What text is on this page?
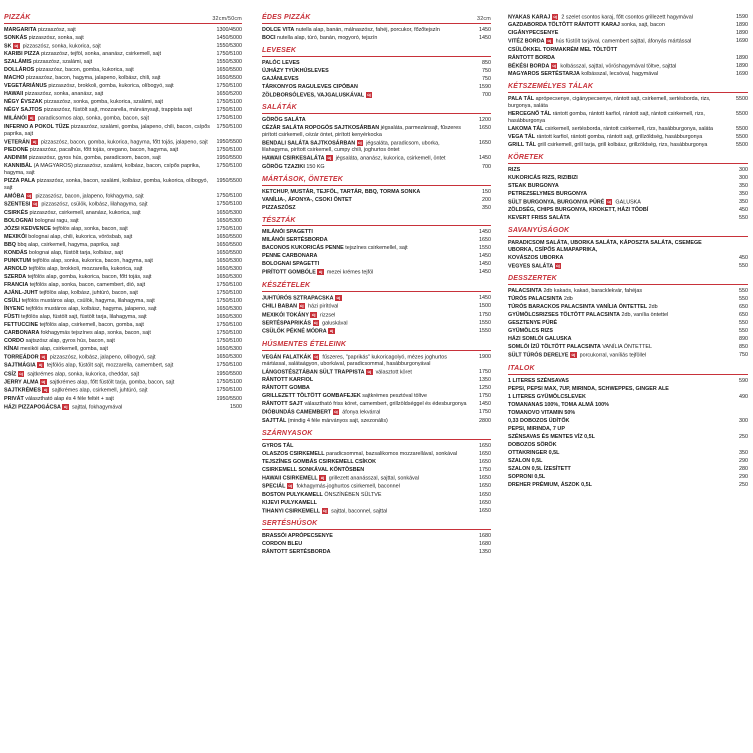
PIZZÁK	32cm/50cm
MARGARITA pizzaszósz, sajt	1300/4500
SONKÁS pizzaszósz, sonka, sajt	1450/5000
SK új pizzaszósz, sonka, kukorica, sajt	1550/5300
KARIBI PIZZA pizzaszósz, tejföl, sonka, ananász, csirkemell, sajt	1750/5100
SZALÁMIS pizzaszósz, szalámi, sajt	1550/5300
DOLLÁROS pizzaszósz, bacon, gomba, kukorica, sajt	1650/5500
MACHO pizzaszósz, bacon, hagyma, jalapeno, kolbász, chili, sajt	1650/5500
VEGETÁRIÁNUS pizzaszósz, brokkoli, gomba, kukorica, olíbogyó, sajt	1750/5100
HAWAII pizzaszósz, sonka, ananász, sajt	1650/5200
NÉGY ÉVSZAK pizzaszósz, sonka, gomba, kukorica, szalámi, sajt	1750/5100
NÉGY SAJTOS pizzaszósz, füstölt sajt, mozzarella, márványsajt, trappista sajt	1750/5100
MILÁNÓI új paradicsomos alap, sonka, gomba, bacon, sajt	1750/5100
INFERNO A POKOL TÜZE pizzaszósz, szalámi, gomba, jalapeno, chili, bacon, csípős paprika, sajt
1750/5100
VETERÁN új pizzaszósz, bacon, gomba, kukorica, hagyma, főtt tojás, jalapeno, sajt	1950/5500
PIEDONE pizzaszósz, pacalhús, főtt tojás, oregano, bacon, hagyma, sajt	1750/5100
ANDINIM pizzaszósz, gyros hús, gomba, paradicsom, bacon, sajt	1950/5500
KANNIBÁL (A MAGYAROS) pizzaszósz, szalámi, kolbász, bacon, csípős paprika, hagyma, sajt
1750/5100
PIZZA PALA pizzaszósz, sonka, bacon, szalámi, kolbász, gomba, kukorica, olíbogyó, sajt
1950/5500
AMÓBA új pizzaszósz, bacon, jalapeno, fokhagyma, sajt	1750/5100
SZENTESI új pizzaszósz, csülök, kolbász, lilahagyma, sajt	1750/5100
CSIRKÉS pizzaszósz, csirkemell, ananász, kukorica, sajt	1650/5300
BOLOGNAI bolognai ragu, sajt	1650/5300
JÓZSI KEDVENCE tejfölös alap, sonka, bacon, sajt	1750/5100
MEXIKÓI bolognai alap, chili, kukorica, vörösbab, sajt	1650/5500
BBQ bbq alap, csirkemell, hagyma, paprika, sajt	1650/5500
KONDÁS bolognai alap, füstölt tarja, kolbász, sajt	1650/5500
PUNKTUM tejfölös alap, sonka, kukorica, bacon, hagyma, sajt	1650/5300
ARNOLD tejfölös alap, brokkoli, mozzarella, kukorica, sajt	1650/5300
SZERDA tejfölös alap, gomba, kukorica, bacon, főtt tojás, sajt	1650/5300
FRANCIA tejfölös alap, sonka, bacon, camembert, dió, sajt	1750/5100
AJÁNL-JUHT tejfölös alap, kolbász, juhtúró, bacon, sajt	1750/5100
CSÜLI tejfölös mustáros alap, csülök, hagyma, lilahagyma, sajt	1750/5100
ÍNYENC tejfölös mustáros alap, kolbász, hagyma, jalapeno, sajt	1650/5300
FÜSTI tejfölös alap, füstölt sajt, füstölt tarja, lilahagyma, sajt	1650/5300
FETTUCCINE tejfölös alap, csirkemell, bacon, gomba, sajt	1750/5100
CARBONARA fokhagymás tejszínes alap, sonka, bacon, sajt	1750/5100
CORDO sajtszósz alap, gyros hús, bacon, sajt	1750/5100
KÍNAI mexikói alap, csirkemell, gomba, sajt	1650/5300
TORREÁDOR új pizzaszósz, kolbász, jalapeno, olíbogyó, sajt	1650/5300
SAJTMÁGIA új tejfölös alap, füstölt sajt, mozzarella, camembert, sajt	1750/5100
CSÍZ új sajtkrémes alap, sonka, kukorica, cheddar, sajt	1950/5500
JERRY ALMA új sajtkrémes alap, főtt füstölt tarja, gomba, bacon, sajt	1750/5100
SAJTKRÉMES új sajtkrémes alap, csirkemell, juhtúró, sajt	1750/5100
PRIVÁT választható alap és 4 féle feltét + sajt	1950/5500
HÁZI PIZZAPOGÁCSA új sajttal, fokhagymával	1500
ÉDES PIZZÁK	32cm
DOLCE VITA nutella alap, banán, málnaszósz, fahéj, porcukor, főzőtejszín	1450
BOCI nutella alap, túró, banán, mogyoró, tejszín	1450
LEVESEK
PALÓC LEVES	850
ÚJHÁZY TYÚKHÚSLEVES	750
GAJÁNLEVES	750
TÁRKONYOS RAGULEVES CIPÓBAN	1590
ZÖLDBORSÓLEVES, VAJGALUSKÁVAL új	700
SALÁTÁK
GÖRÖG SALÁTA	1200
CÉZÁR SALÁTA ROPOGÓS SAJTKOSÁRBAN jégsaláta, parmezánsajt, fűszeres pirított csirkemell, cézár öntet, pirított kenyérkocka
1650
BENDALI SALÁTA SAJTKOSÁRBAN új jégsaláta, paradicsom, uborka, lilahagyma, pirított csirkemell, cumpy chili, joghurtos öntet
1650
HAWAII CSIRKESALÁTA új jégsaláta, ananász, kukorica, csirkemell, öntet	1450
GÖRÖG TZAZIKI 150 KG	700
MÁRTÁSOK, ÖNTETEK
KETCHUP, MUSTÁR, TEJFÖL, TARTÁR, BBQ, TORMA SONKA	150
VANÍLIA-, ÁFONYA-, CSOKI ÖNTET	200
PIZZASZÓSZ	350
TÉSZTÁK
MILÁNÓI SPAGETTI	1450
MILÁNÓI SERTÉSBORDA	1650
BACONOS KUKORICÁS PENNE tejszínes csirkemellel, sajt	1550
PENNE CARBONARA	1450
BOLOGNAI SPAGETTI	1450
PIRÍTOTT GOMBÓLE új mezei krémes tejföl	1450
KÉSZÉTELEK
JUHTÚRÓS SZTRAPACSKA új	1450
CHILI BABAN új házi pirítóval	1500
MEXIKÓI TOKÁNY új rizzsel	1750
SERTÉSPAPRIKÁS új galuskával	1550
CSÜLÖK PÉKNÉ MÓDRA új	1550
HÚSMENTES ÉTELEINK
VEGÁN FALATKÁK új fűszeres, "paprikás" kukoricagolyó, mézes joghurtos mártással, salátaágyon, uborkával, paradicsommal, hasábburgonyával
1900
LÁNGOSTÉSZTÁBAN SÜLT TRAPPISTA új választott köret	1750
RÁNTOTT KARFIOL	1350
RÁNTOTT GOMBA	1250
GRILLEZETT TÖLTÖTT GOMBAFEJEK sajtkrémes pesztóval töltve	1750
RÁNTOTT SAJT választható friss köret, camembert, grillzöldséggel és édesburgonya	1450
DIÓBUNDÁS CAMEMBERT új áfonya lekvárral	1750
SAJTTÁL (mindig 4 féle márványos sajt, szezonális)	2800
SZÁRNYASOK
GYROS TÁL	1650
OLASZOS CSIRKEMELL paradicsommal, bazsalikomos mozzarellával, sonkával	1650
TEJSZÍNES GOMBÁS CSIRKEMELL CSÍKOK	1650
CSIRKEMELL SONKÁVAL KÖNTÖSBEN	1750
HAWAII CSIRKEMELL új grillezett ananásszal, sajttal, sonkával	1650
SPECIÁL új fokhagymás-joghurtos csirkemell, baconnel	1650
BOSTON PULYKAMELL ÖNSZÍNÉBEN SÜLTVE	1650
KIJEVI PULYKAMELL	1650
TIHANYI CSIRKEMELL új sajttal, baconnel, sajttal	1650
SERTÉSHÚSOK
BRASSÓI APRÓPECSENYE	1680
CORDON BLEU	1680
RÁNTOTT SERTÉSBORDA	1350
NYAKAS KARAJ új 2 szelet csontos karaj, főtt csontos grillezett hagymával	1590
GAZDABORDA TÖLTÖTT RÁNTOTT KARAJ sonka, sajt, bacon	1890
CIGÁNYPECSENYE	1890
VITÉZ BORDA új hús füstölt tarjával, camembert sajttal, áfonyás mártással	1690
CSÜLÖKKEL TORMAKRÉM MEL TÖLTÖTT
RÁNTOTT BORDA	1890
BÉKÉSI BORDA új kolbásszal, sajttal, vöröshagymával töltve, sajttal	1890
MAGYAROS SERTÉSTARJA kolbásszal, lecsóval, hagymával	1690
KÉTSZEMÉLYES TÁLAK
PALA TÁL aprópecsenye, cigánypecsenye, rántott sajt, csirkemell, sertésborda, rizs, burgonya, saláta
5500
HERCEGNŐ TÁL rántott gomba, rántott karfiol, rántott sajt, rántott csirkemell, rizs, hasábburgonya
5500
LAKOMA TÁL csirkemell, sertésborda, rántott csirkemell, rizs, hasábburgonya, saláta	5500
VEGA TÁL rántott karfiol, rántott gomba, rántott sajt, grillzöldség, hasábburgonya	5500
GRILL TÁL grill csirkemell, grill tarja, grill kolbász, grillzöldség, rizs, hasábburgonya	5500
KÖRETEK
RIZS	300
KUKORICÁS RIZS, RIZIBIZI	300
STEAK BURGONYA	350
PETREZSELYMES BURGONYA	350
SÜLT BURGONYA, BURGONYA PÜRÉ új GALUSKA	350
ZÖLDSÉG, CHIPS BURGONYA, KROKETT, HÁZI TÖDBÍ	450
KEVERT FRISS SALÁTA	550
SAVANYÚSÁGOK
PARADICSOM SALÁTA, UBORKA SALÁTA, KÁPOSZTA SALÁTA, CSEMEGE UBORKA, CSÍPŐS ALMAPAPRIKA,
KOVÁSZOS UBORKA	450
VEGYES SALÁTA új	550
DESSZERTEK
PALACSINTA 2db kakaós, kakaó, baracklekvár, fahéjas	550
TÚRÓS PALACSINTA 2db	550
TÚRÓS BARACKOS PALACSINTA VANÍLIA ÖNTETTEL 2db	650
GYÜMÖLCSRIZSES TÖLTÖTT PALACSINTA 2db, vanília öntettel	650
GESZTENYE PÜRÉ	550
GYÜMÖLCS RIZS	550
HÁZI SOMLÓI GALUSKA	890
SOMLÓI ÍZŰ TÖLTÖTT PALACSINTA VANÍLIA ÖNTETTEL	850
SÜLT TÚRÓS DERELYE új porcukorral, vaníliás tejföllel	750
ITALOK
1 LITERES SZÉNSAVAS	590
PEPSI, PEPSI MAX, 7UP, MIRINDA, SCHWEPPES, GINGER ALE
1 LITERES GYÜMÖLCSLEVEK	490
TOMANANAS 100%, TOMA ALMÁ 100%
TOMANOVO VITAMIN 50%
0,33 DOBOZOS ÜDÍTŐK	300
PEPSI, MIRINDA, 7 UP
SZÉNSAVAS ÉS MENTES VÍZ 0,5L	250
DOBOZOS SÖRÖK
OTTAKRINGER 0,5L	350
SZALON 0,5L	290
SZALON 0,5L ÍZESÍTETT	280
SOPRONI 0,5L	290
DREHER PRÉMIUM, ÁSZOK 0,5L	250
